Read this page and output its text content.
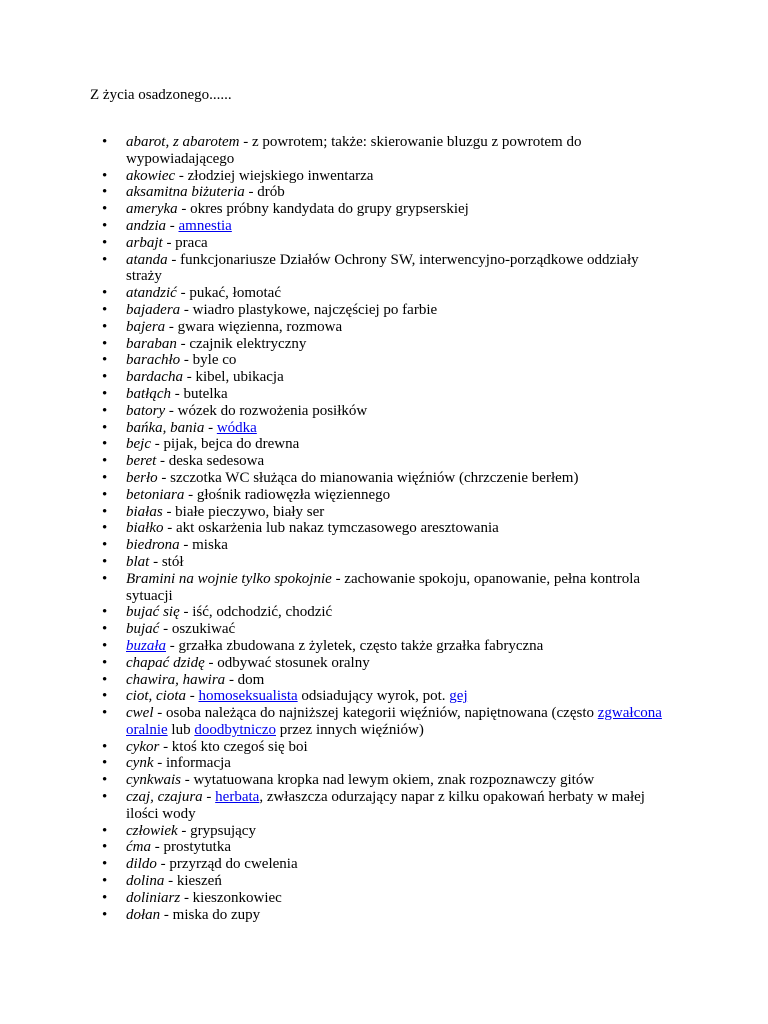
Z życia osadzonego......

• abarot, z abarotem - z powrotem; także: skierowanie bluzgu z powrotem do wypowiadającego
• akowiec - złodziej wiejskiego inwentarza
• aksamitna biżuteria - drób
• ameryka - okres próbny kandydata do grupy grypserskiej
• andzia - amnestia
• arbajt - praca
• atanda - funkcjonariusze Działów Ochrony SW, interwencyjno-porządkowe oddziały straży
• atandzić - pukać, łomotać
• bajadera - wiadro plastykowe, najczęściej po farbie
• bajera - gwara więzienna, rozmowa
• baraban - czajnik elektryczny
• barachło - byle co
• bardacha - kibel, ubikacja
• batłąch - butelka
• batory - wózek do rozwożenia posiłków
• bańka, bania - wódka
• bejc - pijak, bejca do drewna
• beret - deska sedesowa
• berło - szczotka WC służąca do mianowania więźniów (chrzczenie berłem)
• betoniara - głośnik radiowęzła więziennego
• białas - białe pieczywo, biały ser
• białko - akt oskarżenia lub nakaz tymczasowego aresztowania
• biedrona - miska
• blat - stół
• Bramini na wojnie tylko spokojnie - zachowanie spokoju, opanowanie, pełna kontrola sytuacji
• bujać się - iść, odchodzić, chodzić
• bujać - oszukiwać
• buzała - grzałka zbudowana z żyletek, często także grzałka fabryczna
• chapać dzidę - odbywać stosunek oralny
• chawira, hawira - dom
• ciot, ciota - homoseksualista odsiadujący wyrok, pot. gej
• cwel - osoba należąca do najniższej kategorii więźniów, napiętnowana (często zgwałcona oralnie lub doodbytniczo przez innych więźniów)
• cykor - ktoś kto czegoś się boi
• cynk - informacja
• cynkwais - wytatuowana kropka nad lewym okiem, znak rozpoznawczy gitów
• czaj, czajura - herbata, zwłaszcza odurzający napar z kilku opakowań herbaty w małej ilości wody
• człowiek - grypsujący
• ćma - prostytutka
• dildo - przyrząd do cwelenia
• dolina - kieszeń
• doliniarz - kieszonkowiec
• dołan - miska do zupy
